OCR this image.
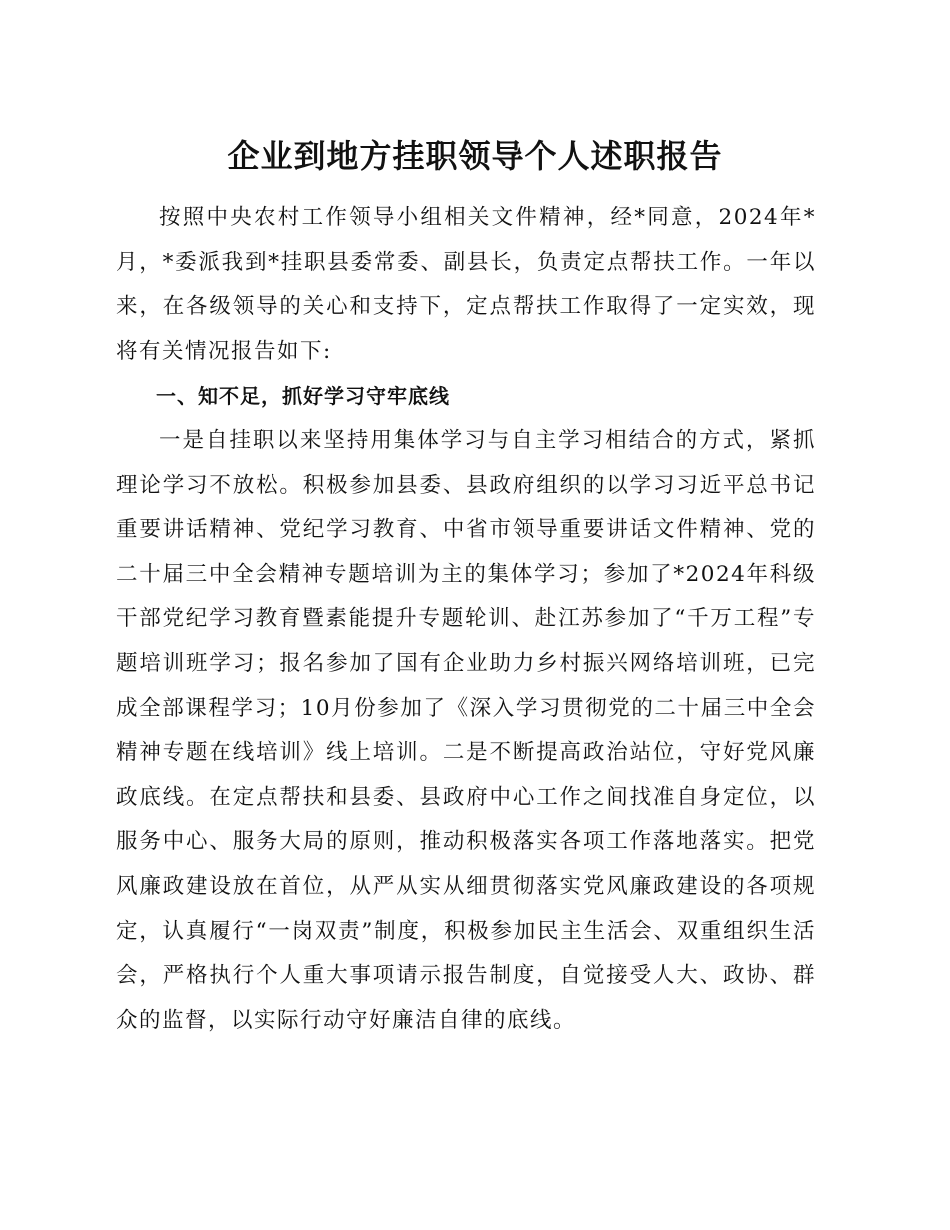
企业到地方挂职领导个人述职报告

按照中央农村工作领导小组相关文件精神，经*同意，2024年*月，*委派我到*挂职县委常委、副县长，负责定点帮扶工作。一年以来，在各级领导的关心和支持下，定点帮扶工作取得了一定实效，现将有关情况报告如下:

一、知不足，抓好学习守牢底线

一是自挂职以来坚持用集体学习与自主学习相结合的方式，紧抓理论学习不放松。积极参加县委、县政府组织的以学习习近平总书记重要讲话精神、党纪学习教育、中省市领导重要讲话文件精神、党的二十届三中全会精神专题培训为主的集体学习；参加了*2024年科级干部党纪学习教育暨素能提升专题轮训、赴江苏参加了“千万工程”专题培训班学习；报名参加了国有企业助力乡村振兴网络培训班，已完成全部课程学习；10月份参加了《深入学习贯彻党的二十届三中全会精神专题在线培训》线上培训。二是不断提高政治站位，守好党风廉政底线。在定点帮扶和县委、县政府中心工作之间找准自身定位，以服务中心、服务大局的原则，推动积极落实各项工作落地落实。把党风廉政建设放在首位，从严从实从细贯彻落实党风廉政建设的各项规定，认真履行“一岗双责”制度，积极参加民主生活会、双重组织生活会，严格执行个人重大事项请示报告制度，自觉接受人大、政协、群众的监督，以实际行动守好廉洁自律的底线。
